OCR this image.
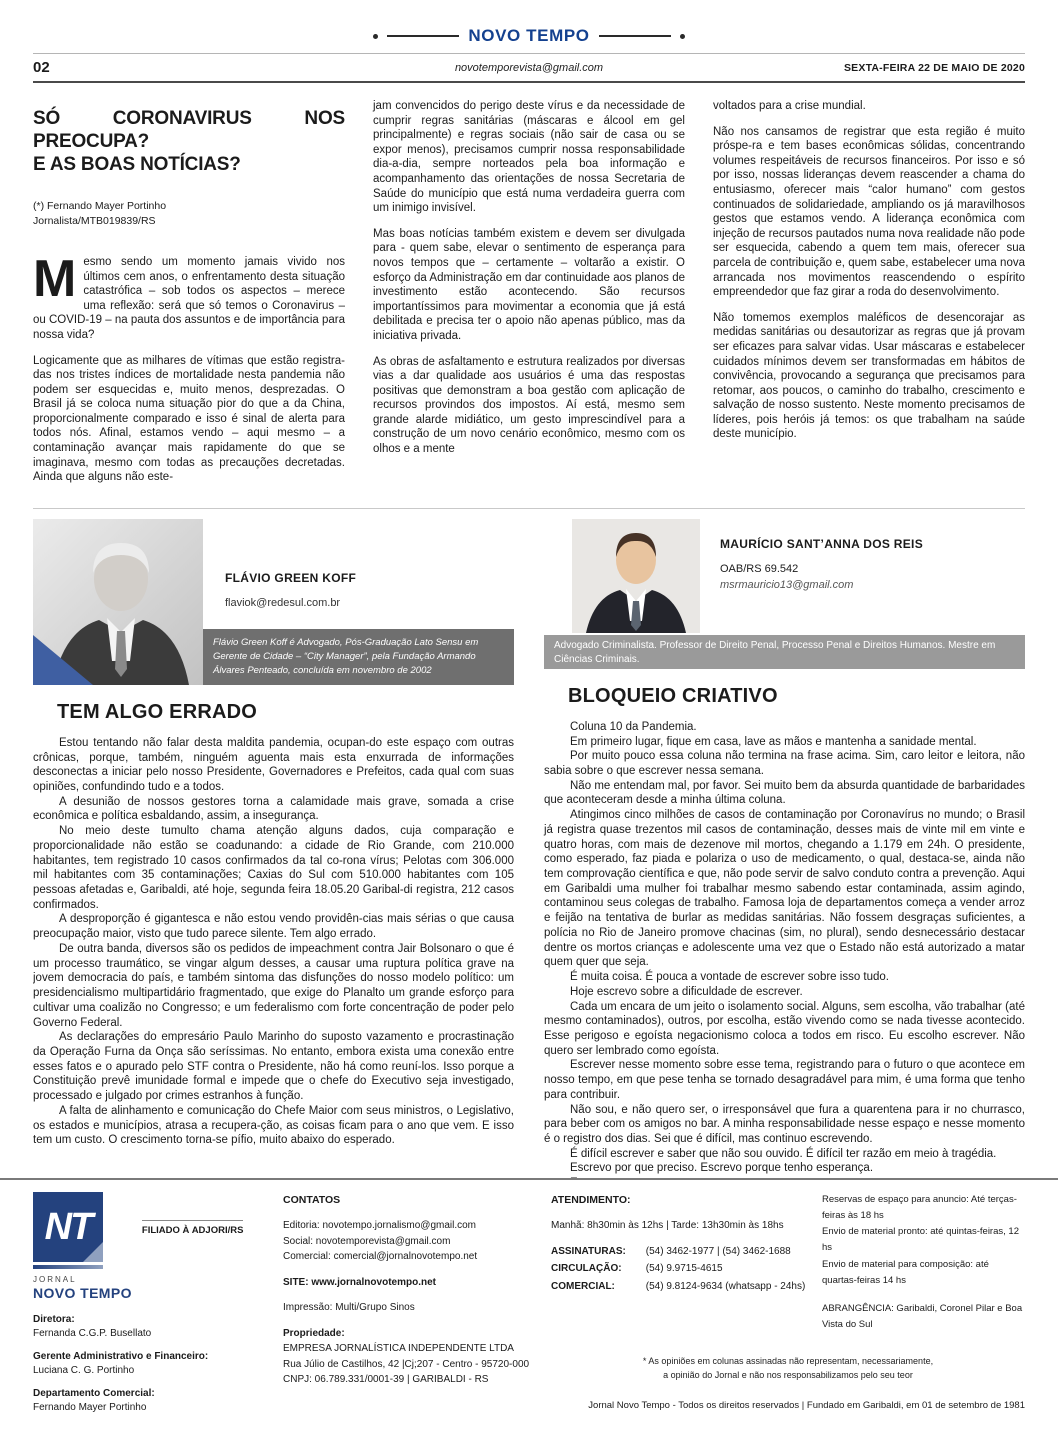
NOVO TEMPO
02	novotemporevista@gmail.com	SEXTA-FEIRA 22 DE MAIO DE 2020
SÓ CORONAVIRUS NOS PREOCUPA?
E AS BOAS NOTÍCIAS?
(*) Fernando Mayer Portinho
Jornalista/MTB019839/RS

Mesmo sendo um momento jamais vivido nos últimos cem anos, o enfrentamento desta situação catastrófica – sob todos os aspectos – merece uma reflexão: será que só temos o Coronavirus – ou COVID-19 – na pauta dos assuntos e de importância para nossa vida?

Logicamente que as milhares de vítimas que estão registra-das nos tristes índices de mortalidade nesta pandemia não podem ser esquecidas e, muito menos, desprezadas. O Brasil já se coloca numa situação pior do que a da China, proporcionalmente comparado e isso é sinal de alerta para todos nós. Afinal, estamos vendo – aqui mesmo – a contaminação avançar mais rapidamente do que se imaginava, mesmo com todas as precauções decretadas. Ainda que alguns não este-

jam convencidos do perigo deste vírus e da necessidade de cumprir regras sanitárias (máscaras e álcool em gel principalmente) e regras sociais (não sair de casa ou se expor menos), precisamos cumprir nossa responsabilidade dia-a-dia, sempre norteados pela boa informação e acompanhamento das orientações de nossa Secretaria de Saúde do município que está numa verdadeira guerra com um inimigo invisível.

Mas boas notícias também existem e devem ser divulgada para - quem sabe, elevar o sentimento de esperança para novos tempos que – certamente – voltarão a existir. O esforço da Administração em dar continuidade aos planos de investimento estão acontecendo. São recursos importantíssimos para movimentar a economia que já está debilitada e precisa ter o apoio não apenas público, mas da iniciativa privada.

As obras de asfaltamento e estrutura realizados por diversas vias a dar qualidade aos usuários é uma das respostas positivas que demonstram a boa gestão com aplicação de recursos provindos dos impostos. Aí está, mesmo sem grande alarde midiático, um gesto imprescindível para a construção de um novo cenário econômico, mesmo com os olhos e a mente

voltados para a crise mundial.

Não nos cansamos de registrar que esta região é muito próspe-ra e tem bases econômicas sólidas, concentrando volumes respeitáveis de recursos financeiros. Por isso e só por isso, nossas lideranças devem reascender a chama do entusiasmo, oferecer mais “calor humano” com gestos continuados de solidariedade, ampliando os já maravilhosos gestos que estamos vendo. A liderança econômica com injeção de recursos pautados numa nova realidade não pode ser esquecida, cabendo a quem tem mais, oferecer sua parcela de contribuição e, quem sabe, estabelecer uma nova arrancada nos movimentos reascendendo o espírito empreendedor que faz girar a roda do desenvolvimento.

Não tomemos exemplos maléficos de desencorajar as medidas sanitárias ou desautorizar as regras que já provam ser eficazes para salvar vidas. Usar máscaras e estabelecer cuidados mínimos devem ser transformadas em hábitos de convivência, provocando a segurança que precisamos para retomar, aos poucos, o caminho do trabalho, crescimento e salvação de nosso sustento. Neste momento precisamos de líderes, pois heróis já temos: os que trabalham na saúde deste município.

FLÁVIO GREEN KOFF
flaviok@redesul.com.br
Flávio Green Koff é Advogado, Pós-Graduação Lato Sensu em Gerente de Cidade – “City Manager”, pela Fundação Armando Álvares Penteado, concluída em novembro de 2002
TEM ALGO ERRADO

Estou tentando não falar desta maldita pandemia, ocupan-do este espaço com outras crônicas, porque, também, ninguém aguenta mais esta enxurrada de informações desconectas a iniciar pelo nosso Presidente, Governadores e Prefeitos, cada qual com suas opiniões, confundindo tudo e a todos.

A desunião de nossos gestores torna a calamidade mais grave, somada a crise econômica e política esbaldando, assim, a insegurança.

No meio deste tumulto chama atenção alguns dados, cuja comparação e proporcionalidade não estão se coadunando: a cidade de Rio Grande, com 210.000 habitantes, tem registrado 10 casos confirmados da tal co-rona vírus; Pelotas com 306.000 mil habitantes com 35 contaminações; Caxias do Sul com 510.000 habitantes com 105 pessoas afetadas e, Garibaldi, até hoje, segunda feira 18.05.20 Garibal-di registra, 212 casos confirmados.

A desproporção é gigantesca e não estou vendo providên-cias mais sérias o que causa preocupação maior, visto que tudo parece silente. Tem algo errado.

De outra banda, diversos são os pedidos de impeachment contra Jair Bolsonaro o que é um processo traumático, se vingar algum desses, a causar uma ruptura política grave na jovem democracia do país, e também sintoma das disfunções do nosso modelo político: um presidencialismo multipartidário fragmentado, que exige do Planalto um grande esforço para cultivar uma coalizão no Congresso; e um federalismo com forte concentração de poder pelo Governo Federal.

As declarações do empresário Paulo Marinho do suposto vazamento e procrastinação da Operação Furna da Onça são seríssimas. No entanto, embora exista uma conexão entre esses fatos e o apurado pelo STF contra o Presidente, não há como reuní-los. Isso porque a Constituição prevê imunidade formal e impede que o chefe do Executivo seja investigado, processado e julgado por crimes estranhos à função.

A falta de alinhamento e comunicação do Chefe Maior com seus ministros, o Legislativo, os estados e municípios, atrasa a recupera-ção, as coisas ficam para o ano que vem. E isso tem um custo. O crescimento torna-se pífio, muito abaixo do esperado.

MAURÍCIO SANT’ANNA DOS REIS
OAB/RS 69.542
msrmauricio13@gmail.com
Advogado Criminalista. Professor de Direito Penal, Processo Penal e Direitos Humanos. Mestre em Ciências Criminais.
BLOQUEIO CRIATIVO

Coluna 10 da Pandemia.

Em primeiro lugar, fique em casa, lave as mãos e mantenha a sanidade mental.

Por muito pouco essa coluna não termina na frase acima. Sim, caro leitor e leitora, não sabia sobre o que escrever nessa semana.

Não me entendam mal, por favor. Sei muito bem da absurda quantidade de barbaridades que aconteceram desde a minha última coluna.

Atingimos cinco milhões de casos de contaminação por Coronavírus no mundo; o Brasil já registra quase trezentos mil casos de contaminação, desses mais de vinte mil em vinte e quatro horas, com mais de dezenove mil mortos, chegando a 1.179 em 24h. O presidente, como esperado, faz piada e polariza o uso de medicamento, o qual, destaca-se, ainda não tem comprovação científica e que, não pode servir de salvo conduto contra a prevenção. Aqui em Garibaldi uma mulher foi trabalhar mesmo sabendo estar contaminada, assim agindo, contaminou seus colegas de trabalho. Famosa loja de departamentos começa a vender arroz e feijão na tentativa de burlar as medidas sanitárias. Não fossem desgraças suficientes, a polícia no Rio de Janeiro promove chacinas (sim, no plural), sendo desnecessário destacar dentre os mortos crianças e adolescente uma vez que o Estado não está autorizado a matar quem quer que seja.

É muita coisa. É pouca a vontade de escrever sobre isso tudo.

Hoje escrevo sobre a dificuldade de escrever.

Cada um encara de um jeito o isolamento social. Alguns, sem escolha, vão trabalhar (até mesmo contaminados), outros, por escolha, estão vivendo como se nada tivesse acontecido. Esse perigoso e egoísta negacionismo coloca a todos em risco. Eu escolho escrever. Não quero ser lembrado como egoísta.

Escrever nesse momento sobre esse tema, registrando para o futuro o que acontece em nosso tempo, em que pese tenha se tornado desagradável para mim, é uma forma que tenho para contribuir.

Não sou, e não quero ser, o irresponsável que fura a quarentena para ir no churrasco, para beber com os amigos no bar. A minha responsabilidade nesse espaço e nesse momento é o registro dos dias. Sei que é difícil, mas continuo escrevendo.

É difícil escrever e saber que não sou ouvido. É difícil ter razão em meio à tragédia.

Escrevo por que preciso. Escrevo porque tenho esperança.

NT
JORNAL
NOVO TEMPO
FILIADO À ADJORI/RS
Diretora:
Fernanda C.G.P. Busellato
Gerente Administrativo e Financeiro:
Luciana C. G. Portinho
Departamento Comercial:
Fernando Mayer Portinho
CONTATOS
Editoria: novotempo.jornalismo@gmail.com
Social: novotemporevista@gmail.com
Comercial: comercial@jornalnovotempo.net
SITE: www.jornalnovotempo.net
Impressão: Multi/Grupo Sinos
Propriedade:
EMPRESA JORNALÍSTICA INDEPENDENTE LTDA
Rua Júlio de Castilhos, 42 |Cj;207 - Centro - 95720-000
CNPJ: 06.789.331/0001-39 | GARIBALDI - RS
ATENDIMENTO:
Manhã: 8h30min às 12hs | Tarde: 13h30min às 18hs
ASSINATURAS: (54) 3462-1977 | (54) 3462-1688
CIRCULAÇÃO: (54) 9.9715-4615
COMERCIAL:	(54) 9.8124-9634 (whatsapp - 24hs)
Reservas de espaço para anuncio: Até terças-feiras às 18 hs
Envio de material pronto: até quintas-feiras, 12 hs
Envio de material para composição: até quartas-feiras 14 hs
ABRANGÊNCIA: Garibaldi, Coronel Pilar e Boa Vista do Sul
* As opiniões em colunas assinadas não representam, necessariamente,
a opinião do Jornal e não nos responsabilizamos pelo seu teor
Jornal Novo Tempo - Todos os direitos reservados | Fundado em Garibaldi, em 01 de setembro de 1981
